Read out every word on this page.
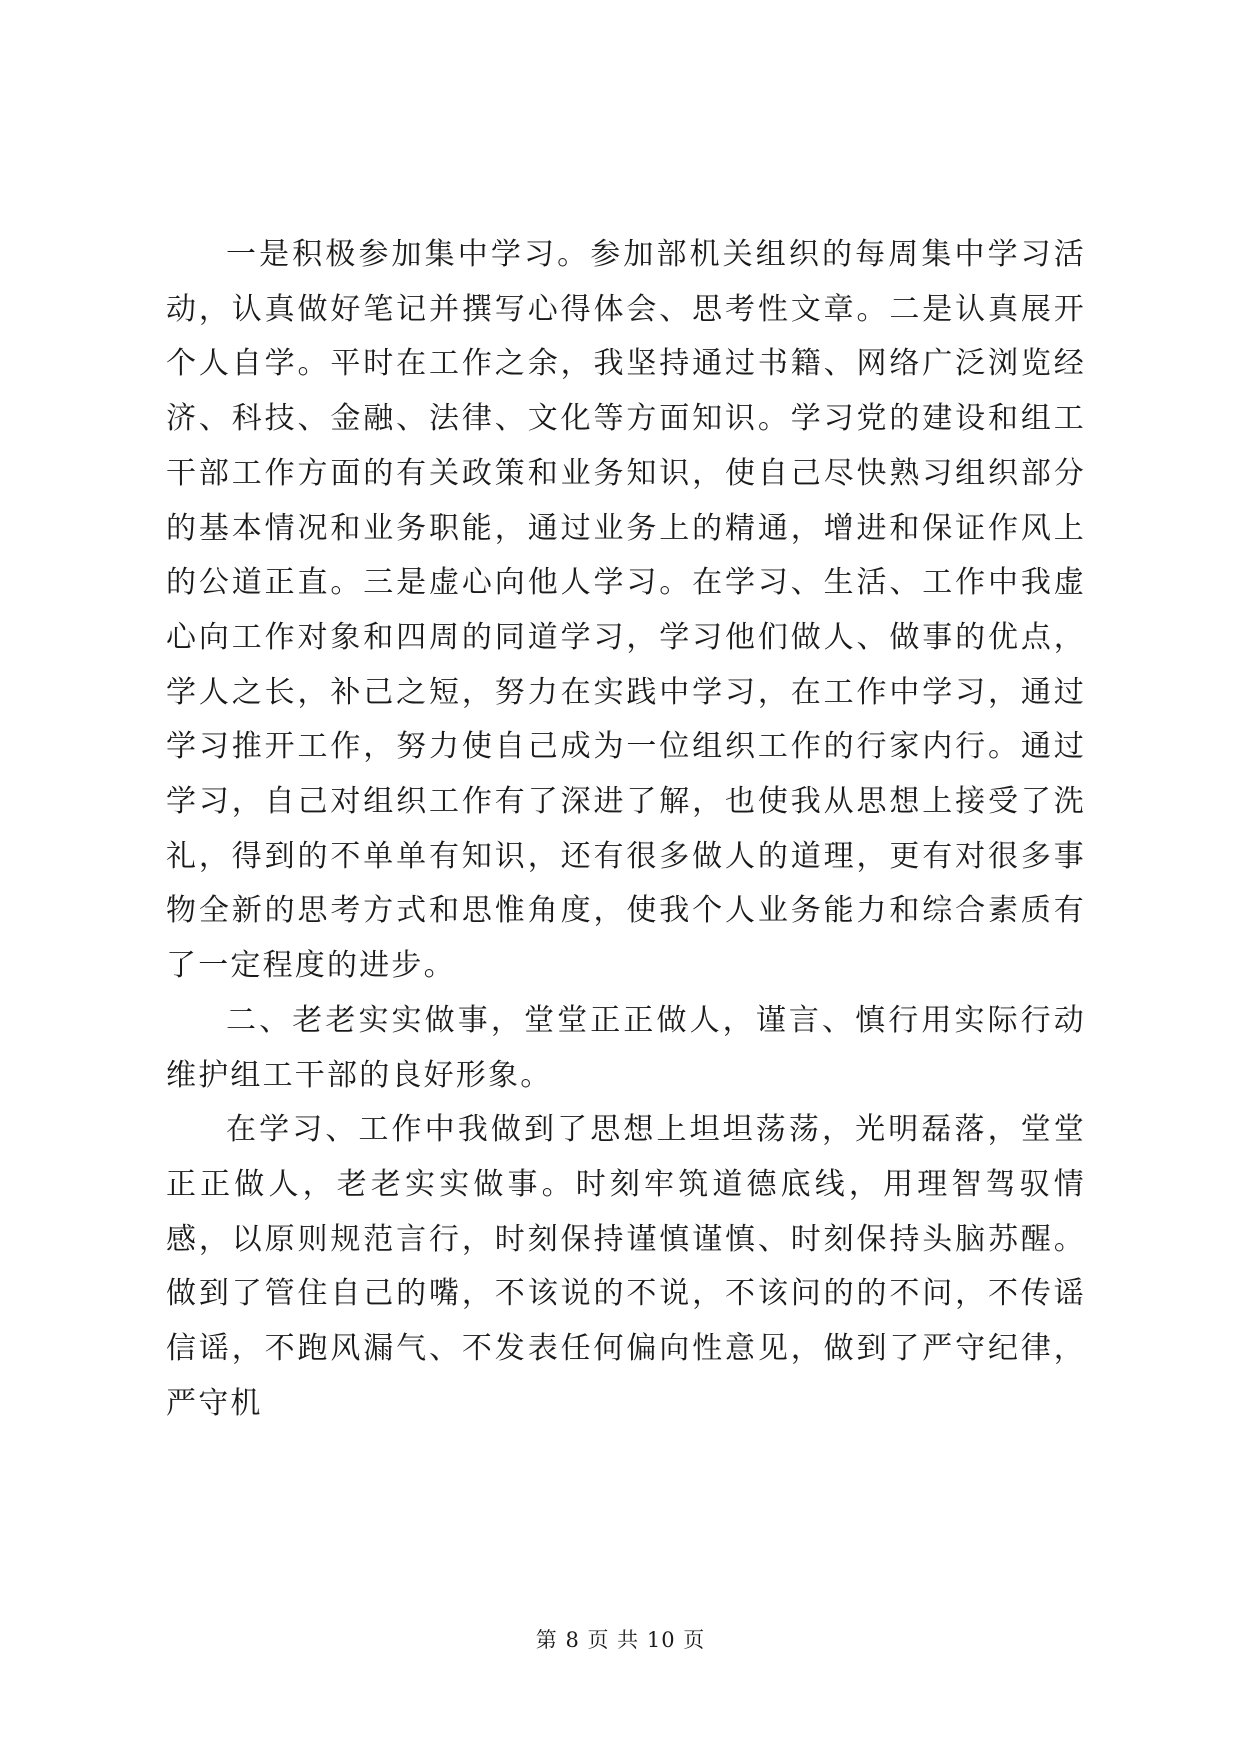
一是积极参加集中学习。参加部机关组织的每周集中学习活动，认真做好笔记并撰写心得体会、思考性文章。二是认真展开个人自学。平时在工作之余，我坚持通过书籍、网络广泛浏览经济、科技、金融、法律、文化等方面知识。学习党的建设和组工干部工作方面的有关政策和业务知识，使自己尽快熟习组织部分的基本情况和业务职能，通过业务上的精通，增进和保证作风上的公道正直。三是虚心向他人学习。在学习、生活、工作中我虚心向工作对象和四周的同道学习，学习他们做人、做事的优点，学人之长，补己之短，努力在实践中学习，在工作中学习，通过学习推开工作，努力使自己成为一位组织工作的行家内行。通过学习，自己对组织工作有了深进了解，也使我从思想上接受了洗礼，得到的不单单有知识，还有很多做人的道理，更有对很多事物全新的思考方式和思惟角度，使我个人业务能力和综合素质有了一定程度的进步。

二、老老实实做事，堂堂正正做人，谨言、慎行用实际行动维护组工干部的良好形象。

在学习、工作中我做到了思想上坦坦荡荡，光明磊落，堂堂正正做人，老老实实做事。时刻牢筑道德底线，用理智驾驭情感，以原则规范言行，时刻保持谨慎谨慎、时刻保持头脑苏醒。做到了管住自己的嘴，不该说的不说，不该问的的不问，不传谣信谣，不跑风漏气、不发表任何偏向性意见，做到了严守纪律，严守机

第 8 页 共 10 页
